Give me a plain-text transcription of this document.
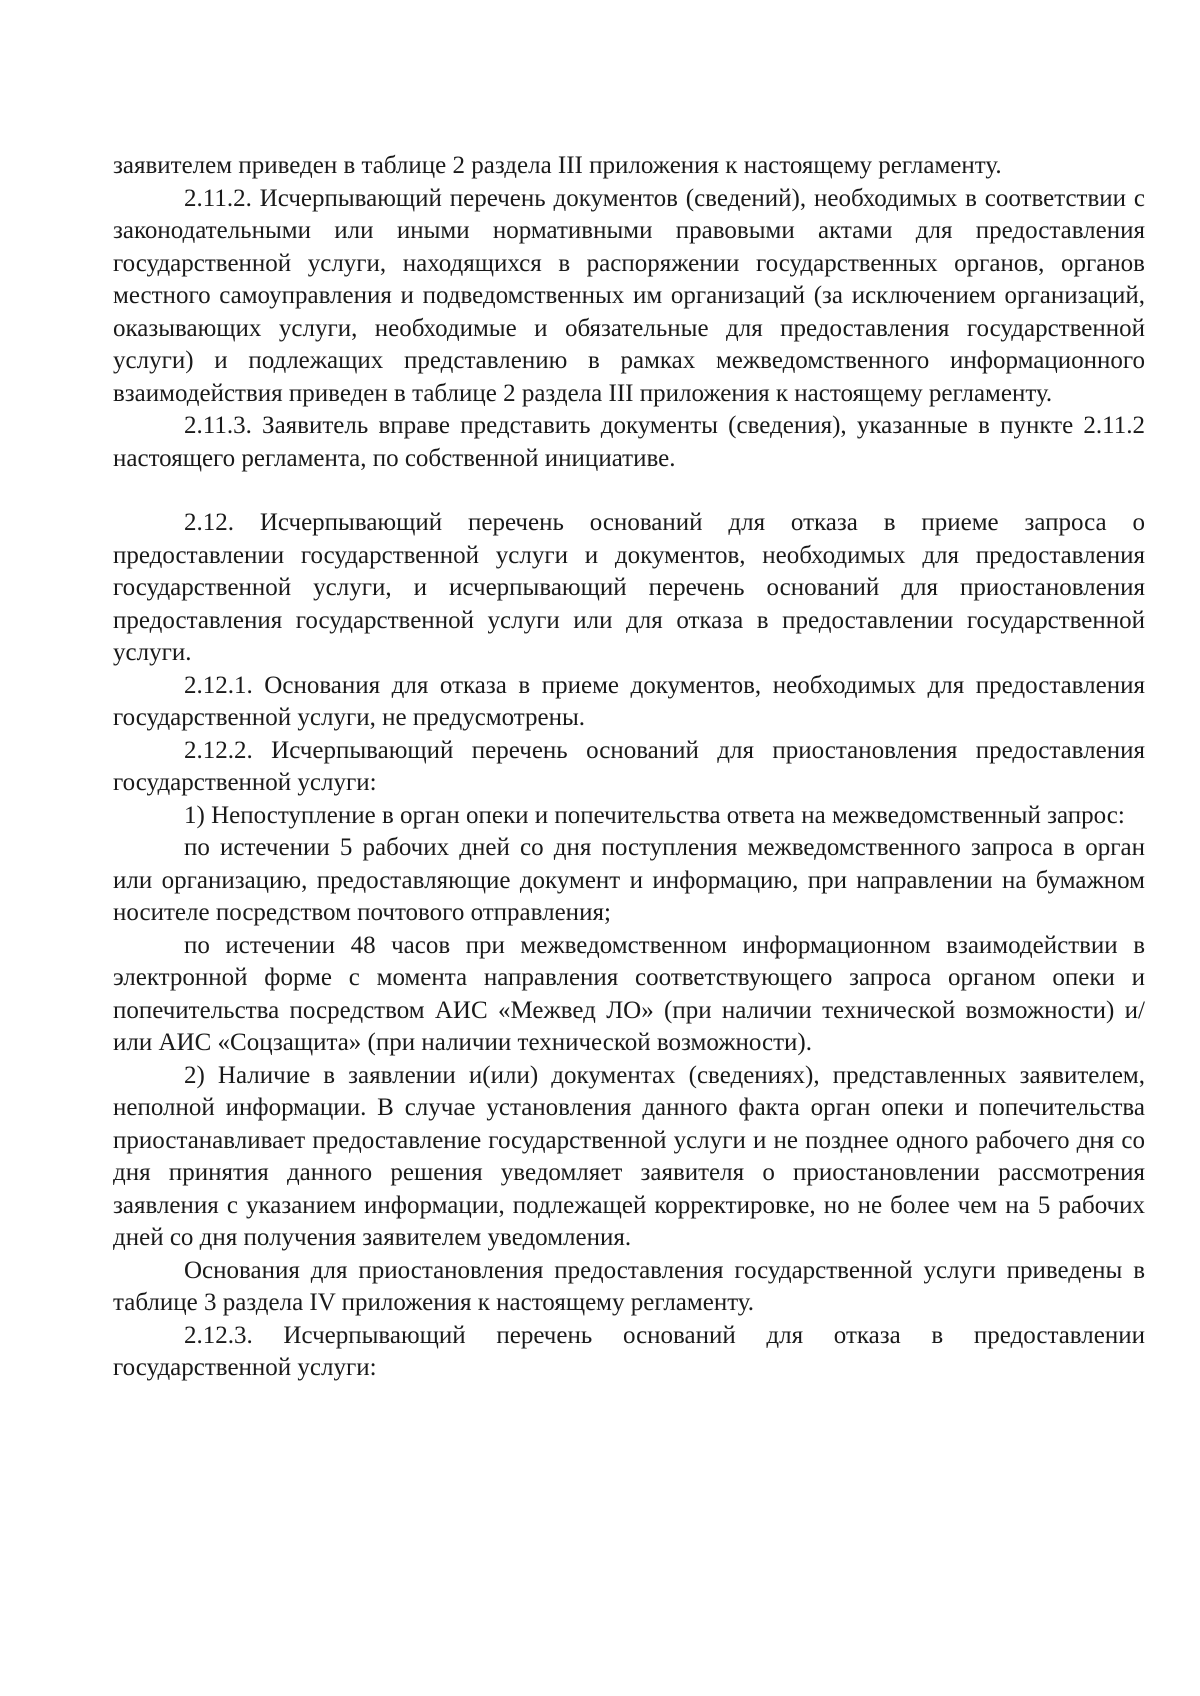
заявителем приведен в таблице 2 раздела III приложения к настоящему регламенту.

2.11.2. Исчерпывающий перечень документов (сведений), необходимых в соответствии с законодательными или иными нормативными правовыми актами для предоставления государственной услуги, находящихся в распоряжении государственных органов, органов местного самоуправления и подведомственных им организаций (за исключением организаций, оказывающих услуги, необходимые и обязательные для предоставления государственной услуги) и подлежащих представлению в рамках межведомственного информационного взаимодействия приведен в таблице 2 раздела III приложения к настоящему регламенту.

2.11.3. Заявитель вправе представить документы (сведения), указанные в пункте 2.11.2 настоящего регламента, по собственной инициативе.

2.12. Исчерпывающий перечень оснований для отказа в приеме запроса о предоставлении государственной услуги и документов, необходимых для предоставления государственной услуги, и исчерпывающий перечень оснований для приостановления предоставления государственной услуги или для отказа в предоставлении государственной услуги.

2.12.1. Основания для отказа в приеме документов, необходимых для предоставления государственной услуги, не предусмотрены.

2.12.2. Исчерпывающий перечень оснований для приостановления предоставления государственной услуги:

1) Непоступление в орган опеки и попечительства ответа на межведомственный запрос:

по истечении 5 рабочих дней со дня поступления межведомственного запроса в орган или организацию, предоставляющие документ и информацию, при направлении на бумажном носителе посредством почтового отправления;

по истечении 48 часов при межведомственном информационном взаимодействии в электронной форме с момента направления соответствующего запроса органом опеки и попечительства посредством АИС «Межвед ЛО» (при наличии технической возможности) и/или АИС «Соцзащита» (при наличии технической возможности).

2) Наличие в заявлении и(или) документах (сведениях), представленных заявителем, неполной информации. В случае установления данного факта орган опеки и попечительства приостанавливает предоставление государственной услуги и не позднее одного рабочего дня со дня принятия данного решения уведомляет заявителя о приостановлении рассмотрения заявления с указанием информации, подлежащей корректировке, но не более чем на 5 рабочих дней со дня получения заявителем уведомления.

Основания для приостановления предоставления государственной услуги приведены в таблице 3 раздела IV приложения к настоящему регламенту.

2.12.3. Исчерпывающий перечень оснований для отказа в предоставлении государственной услуги:
